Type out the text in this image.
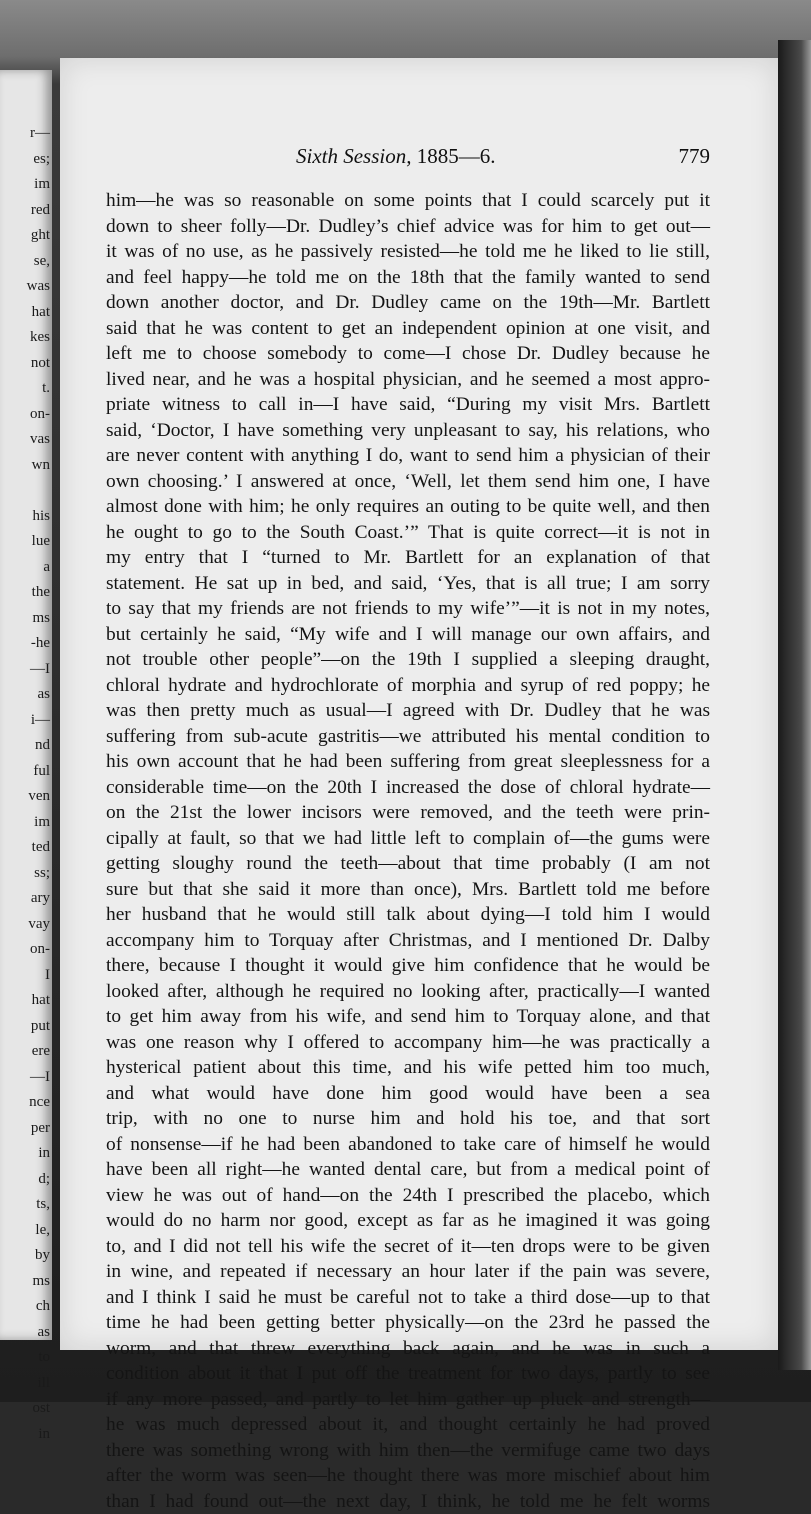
r—
es;
im
red
ght
se,
was
hat
kes
not
t.
on-
vas
wn
his
lue
a
the
ms
-he
—I
as
i—
nd
ful
ven
im
ted
ss;
ary
vay
on-
I
hat
put
ere
—I
nce
per
in
d;
ts,
le,
by
ms
ch
as
to
ill
ost
in
Sixth Session, 1885—6.	779
him—he was so reasonable on some points that I could scarcely put it
down to sheer folly—Dr. Dudley’s chief advice was for him to get out—
it was of no use, as he passively resisted—he told me he liked to lie still,
and feel happy—he told me on the 18th that the family wanted to send
down another doctor, and Dr. Dudley came on the 19th—Mr. Bartlett
said that he was content to get an independent opinion at one visit, and
left me to choose somebody to come—I chose Dr. Dudley because he
lived near, and he was a hospital physician, and he seemed a most appro-
priate witness to call in—I have said, “During my visit Mrs. Bartlett
said, ‘Doctor, I have something very unpleasant to say, his relations, who
are never content with anything I do, want to send him a physician of their
own choosing.’ I answered at once, ‘Well, let them send him one, I have
almost done with him; he only requires an outing to be quite well, and then
he ought to go to the South Coast.’” That is quite correct—it is not in
my entry that I “turned to Mr. Bartlett for an explanation of that
statement. He sat up in bed, and said, ‘Yes, that is all true; I am sorry
to say that my friends are not friends to my wife’”—it is not in my notes,
but certainly he said, “My wife and I will manage our own affairs, and
not trouble other people”—on the 19th I supplied a sleeping draught,
chloral hydrate and hydrochlorate of morphia and syrup of red poppy; he
was then pretty much as usual—I agreed with Dr. Dudley that he was
suffering from sub-acute gastritis—we attributed his mental condition to
his own account that he had been suffering from great sleeplessness for a
considerable time—on the 20th I increased the dose of chloral hydrate—
on the 21st the lower incisors were removed, and the teeth were prin-
cipally at fault, so that we had little left to complain of—the gums were
getting sloughy round the teeth—about that time probably (I am not
sure but that she said it more than once), Mrs. Bartlett told me before
her husband that he would still talk about dying—I told him I would
accompany him to Torquay after Christmas, and I mentioned Dr. Dalby
there, because I thought it would give him confidence that he would be
looked after, although he required no looking after, practically—I wanted
to get him away from his wife, and send him to Torquay alone, and that
was one reason why I offered to accompany him—he was practically a
hysterical patient about this time, and his wife petted him too much,
and what would have done him good would have been a sea
trip, with no one to nurse him and hold his toe, and that sort
of nonsense—if he had been abandoned to take care of himself he would
have been all right—he wanted dental care, but from a medical point of
view he was out of hand—on the 24th I prescribed the placebo, which
would do no harm nor good, except as far as he imagined it was going
to, and I did not tell his wife the secret of it—ten drops were to be given
in wine, and repeated if necessary an hour later if the pain was severe,
and I think I said he must be careful not to take a third dose—up to that
time he had been getting better physically—on the 23rd he passed the
worm, and that threw everything back again, and he was in such a
condition about it that I put off the treatment for two days, partly to see
if any more passed, and partly to let him gather up pluck and strength—
he was much depressed about it, and thought certainly he had proved
there was something wrong with him then—the vermifuge came two days
after the worm was seen—he thought there was more mischief about him
than I had found out—the next day, I think, he told me he felt worms
